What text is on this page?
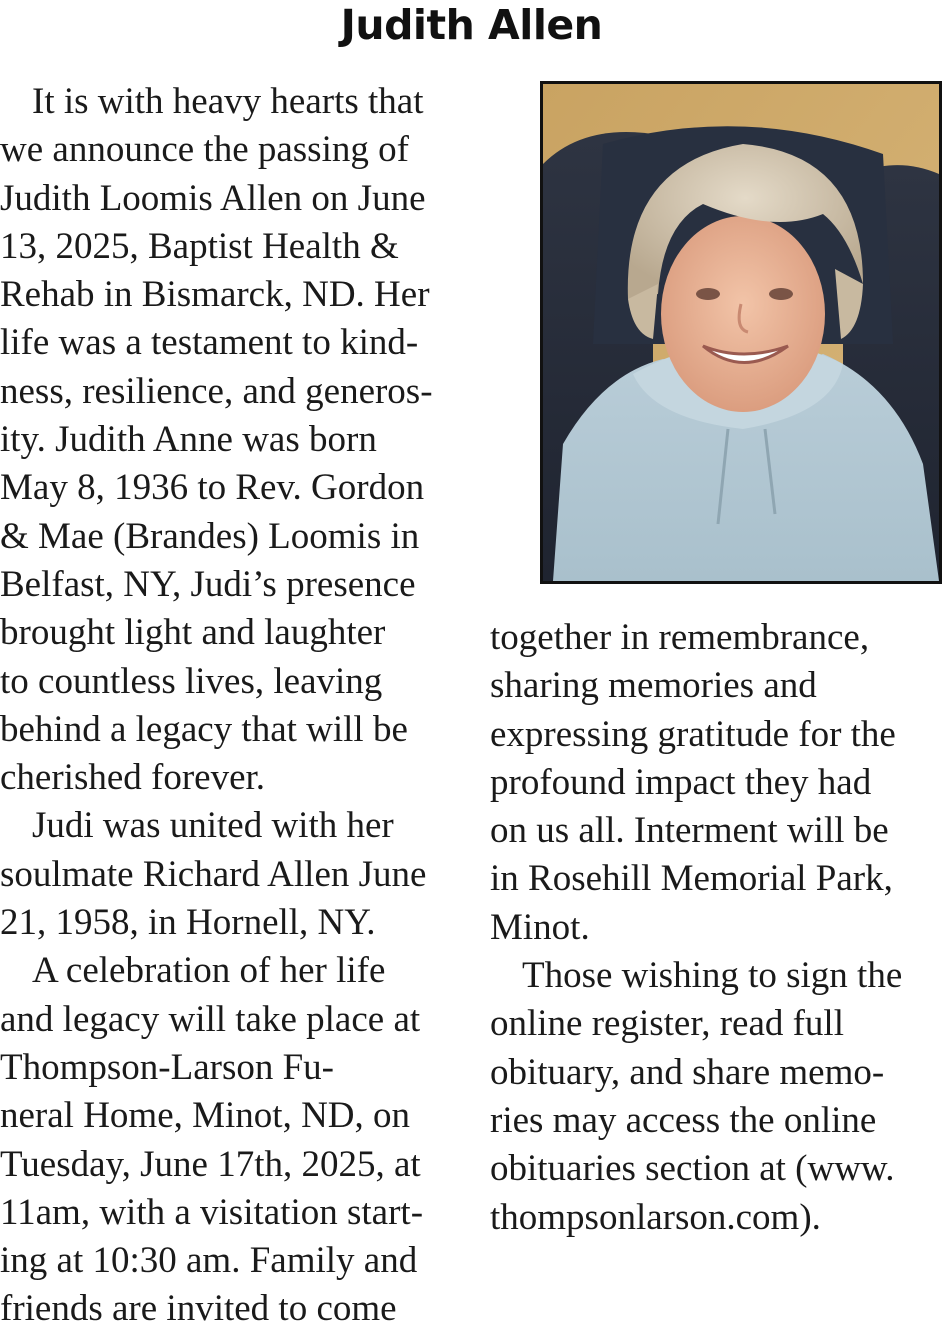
Judith Allen
It is with heavy hearts that
we announce the passing of
Judith Loomis Allen on June
13, 2025, Baptist Health &
Rehab in Bismarck, ND. Her
life was a testament to kind-
ness, resilience, and generos-
ity. Judith Anne was born
May 8, 1936 to Rev. Gordon
& Mae (Brandes) Loomis in
Belfast, NY, Judi’s presence
brought light and laughter
to countless lives, leaving
behind a legacy that will be
cherished forever.
Judi was united with her
soulmate Richard Allen June
21, 1958, in Hornell, NY.
A celebration of her life
and legacy will take place at
Thompson-Larson Fu-
neral Home, Minot, ND, on
Tuesday, June 17th, 2025, at
11am, with a visitation start-
ing at 10:30 am. Family and
friends are invited to come
together in remembrance,
sharing memories and
expressing gratitude for the
profound impact they had
on us all. Interment will be
in Rosehill Memorial Park,
Minot.
Those wishing to sign the
online register, read full
obituary, and share memo-
ries may access the online
obituaries section at (www.
thompsonlarson.com).
